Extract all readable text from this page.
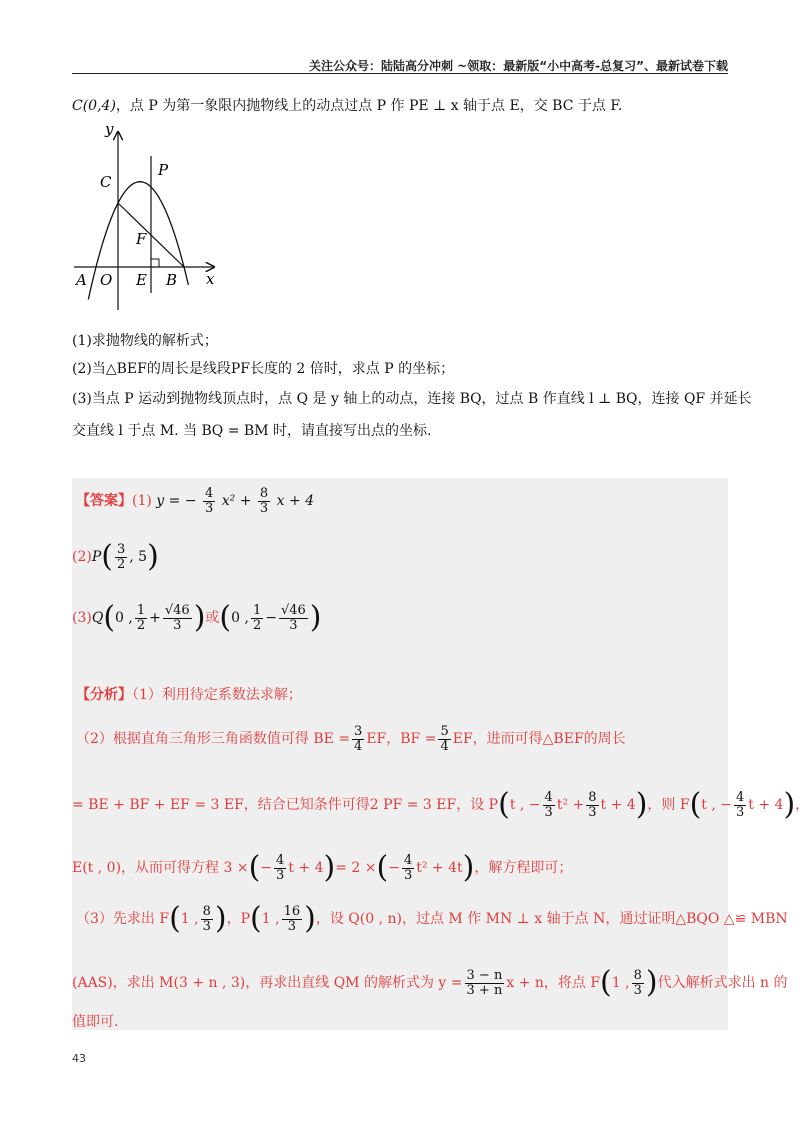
关注公众号：陆陆高分冲刺 ~领取：最新版“小中高考-总复习”、最新试卷下载
C(0,4)，点 P 为第一象限内抛物线上的动点过点 P 作 PE ⊥ x 轴于点 E，交 BC 于点 F.
y
x
C
P
F
A O E B
(1)求抛物线的解析式；
(2)当△BEF的周长是线段PF长度的 2 倍时，求点 P 的坐标；
(3)当点 P 运动到抛物线顶点时，点 Q 是 y 轴上的动点，连接 BQ，过点 B 作直线 l ⊥ BQ，连接 QF 并延长
交直线 l 于点 M. 当 BQ = BM 时，请直接写出点的坐标.
【答案】(1) y = − $\frac{4}{3} x^2 + \frac{8}{3}$ x + 4
$(2)P( \frac{3}{2}$ , 5)
(3)Q(0 , $\frac{1}{2} + \frac{√46}{3}$ )或(0 , $\frac{1}{2} - \frac{√46}{3}$ )
【分析】（1）利用待定系数法求解；
（2）根据直角三角形三角函数值可得 BE = $\frac{3}{4}$ EF，BF = $\frac{5}{4}$ EF，进而可得△BEF的周长
= BE + BF + EF = 3 EF，结合已知条件可得2 PF = 3 EF，设 P(t , − $\frac{4}{3} t^2 + \frac{8}{3}$ t + 4)，则 F(t , − $\frac{4}{3}$ t + 4)，
E(t , 0)，从而可得方程 3 ×(− $\frac{4}{3}$ t + 4)= 2 ×(− $\frac{4}{3} t^2 + 4t$)，解方程即可；
（3）先求出 F(1 , $\frac{8}{3}$ )，P(1 , $\frac{16}{3}$ )，设 Q(0 , n)，过点 M 作 MN ⊥ x 轴于点 N，通过证明△BQO △≌ MBN
(AAS)，求出 M(3 + n , 3)，再求出直线 QM 的解析式为 $y = \frac{3 - n}{3 + n}$ x + n，将点 F(1 , $\frac{8}{3}$ )代入解析式求出 n 的
值即可.
43
